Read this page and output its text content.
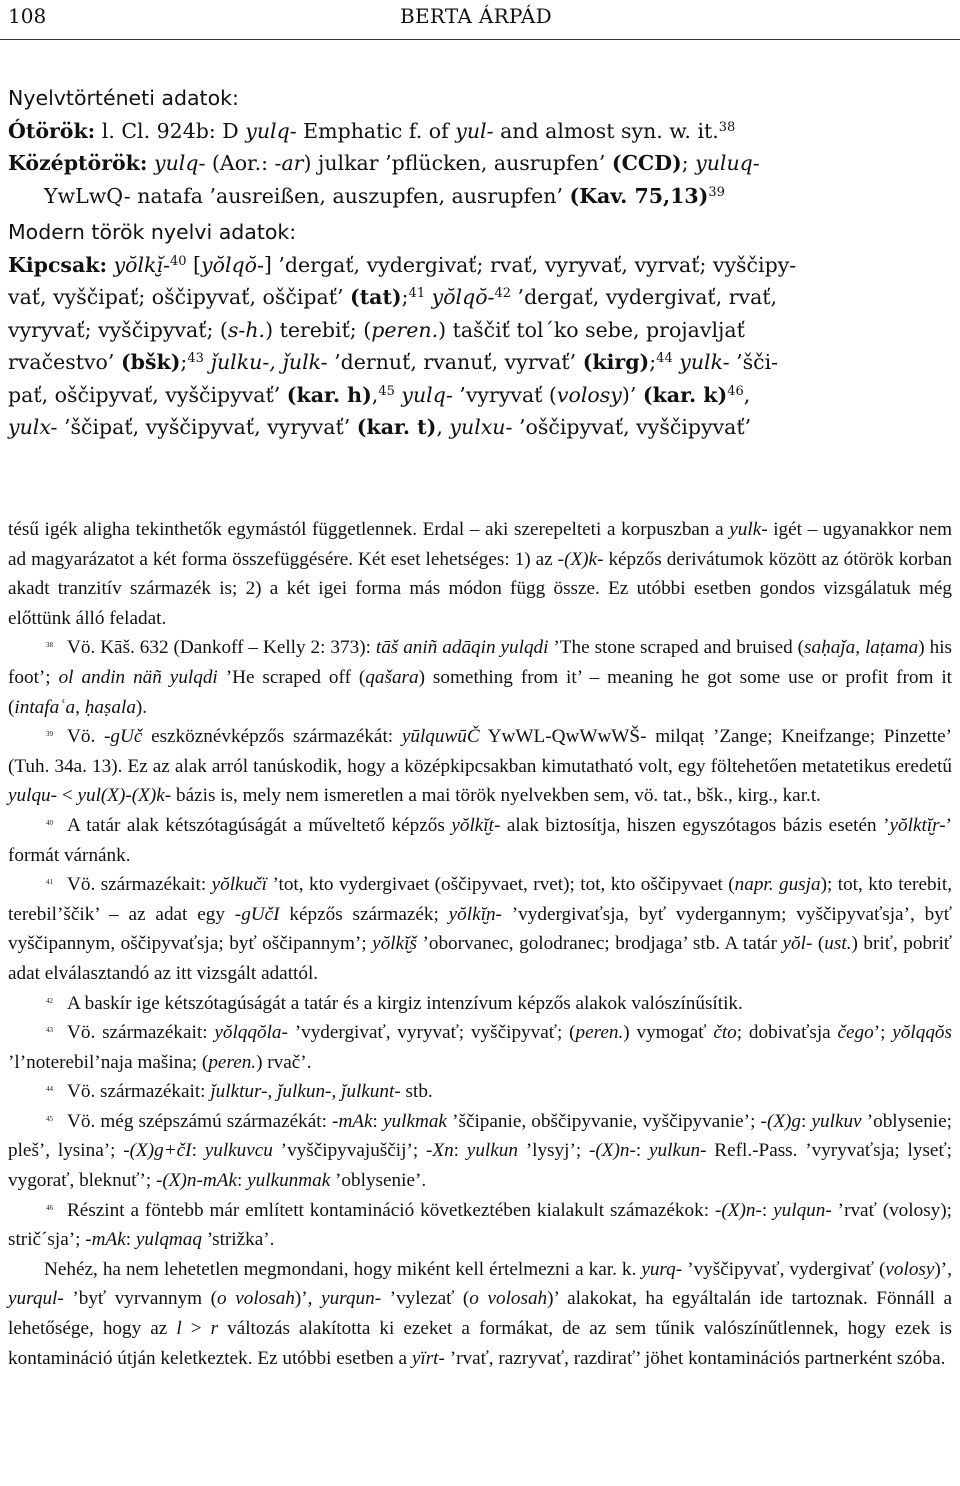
108	BERTA ÁRPÁD

Nyelvtörténeti adatok:

Ótörök: l. Cl. 924b: D yulq- Emphatic f. of yul- and almost syn. w. it.$^{38}$

Középtörök: yulq- (Aor.: -ar) julkar ’pflücken, ausrupfen’ (CCD); yuluq-

YwLwQ- natafa ’ausreißen, auszupfen, ausrupfen’ (Kav. 75,13)$^{39}$

Modern török nyelvi adatok:

Kipcsak: yŏlkĭ̮-$^{40}$ [yŏlqŏ-] ’dergať, vydergivať; rvať, vyryvať, vyrvať; vyščipy-
vať, vyščipať; oščipyvať, oščipať’ (tat);$^{41}$ yŏlqŏ-$^{42}$ ’dergať, vydergivať, rvať,
vyryvať; vyščipyvať; (s-h.) terebiť; (peren.) taščiť tol´ko sebe, projavljať
rvačestvo’ (bšk);$^{43}$ ǰulku-, ǰulk- ’dernuť, rvanuť, vyrvať’ (kirg);$^{44}$ yulk- ’šči-
pať, oščipyvať, vyščipyvať’ (kar. h),$^{45}$ yulq- ’vyryvať (volosy)’ (kar. k)$^{46}$,
yulx- ’ščipať, vyščipyvať, vyryvať’ (kar. t), yulxu- ’oščipyvať, vyščipyvať’

tésű igék aligha tekinthetők egymástól függetlennek. Erdal – aki szerepelteti a korpuszban a yulk- igét – ugyanakkor nem ad magyarázatot a két forma összefüggésére. Két eset lehetséges: 1) az -(X)k- képzős derivátumok között az ótörök korban akadt tranzitív származék is; 2) a két igei forma más módon függ össze. Ez utóbbi esetben gondos vizsgálatuk még előttünk álló feladat.

$^{38}$ Vö. Kāš. 632 (Dankoff – Kelly 2: 373): tāš aniñ adāqin yulqdi ’The stone scraped and bruised (saḥaǰa, laṭama) his foot’; ol andin näñ yulqdi ’He scraped off (qašara) something from it’ – meaning he got some use or profit from it (intafaʿa, ḥaṣala).

$^{39}$ Vö. -gUč eszköznévképzős származékát: yūlquwūČ YwWL-QwWwWŠ- milqaṭ ’Zange; Kneifzange; Pinzette’ (Tuh. 34a. 13). Ez az alak arról tanúskodik, hogy a középkipcsakban kimutatható volt, egy föltehetően metatetikus eredetű yulqu- < yul(X)-(X)k- bázis is, mely nem ismeretlen a mai török nyelvekben sem, vö. tat., bšk., kirg., kar.t.

$^{40}$ A tatár alak kétszótagúságát a műveltető képzős yŏlkĭ̮t- alak biztosítja, hiszen egyszótagos bázis esetén ’yŏlktĭ̮r-’ formát várnánk.

$^{41}$ Vö. származékait: yŏlkučï ’tot, kto vydergivaet (oščipyvaet, rvet); tot, kto oščipyvaet (napr. gusja); tot, kto terebit, terebil’ščik’ – az adat egy -gUčI képzős származék; yŏlkĭ̮n- ’vydergivaťsja, byť vydergannym; vyščipyvaťsja’, byť vyščipannym, oščipyvaťsja; byť oščipannym’; yŏlkĭ̮š ’oborvanec, golodranec; brodjaga’ stb. A tatár yŏl- (ust.) briť, pobriť adat elválasztandó az itt vizsgált adattól.

$^{42}$ A baskír ige kétszótagúságát a tatár és a kirgiz intenzívum képzős alakok valószínűsítik.

$^{43}$ Vö. származékait: yŏlqqŏla- ’vydergivať, vyryvať; vyščipyvať; (peren.) vymogať čto; dobivaťsja čego’; yŏlqqŏs ’l’noterebil’naja mašina; (peren.) rvač’.

$^{44}$ Vö. származékait: ǰulktur-, ǰulkun-, ǰulkunt- stb.

$^{45}$ Vö. még szépszámú származékát: -mAk: yulkmak ’ščipanie, obščipyvanie, vyščipyvanie’; -(X)g: yulkuv ’oblysenie; pleš’, lysina’; -(X)g+čI: yulkuvcu ’vyščipyvajuščij’; -Xn: yulkun ’lysyj’; -(X)n-: yulkun- Refl.-Pass. ’vyryvaťsja; lyseť; vygorať, bleknuť’; -(X)n-mAk: yulkunmak ’oblysenie’.

$^{46}$ Részint a föntebb már említett kontamináció következtében kialakult számazékok: -(X)n-: yulqun- ’rvať (volosy); strič´sja’; -mAk: yulqmaq ’strižka’.

Nehéz, ha nem lehetetlen megmondani, hogy miként kell értelmezni a kar. k. yurq- ’vyščipyvať, vydergivať (volosy)’, yurqul- ’byť vyrvannym (o volosah)’, yurqun- ’vylezať (o volosah)’ alakokat, ha egyáltalán ide tartoznak. Fönnáll a lehetősége, hogy az l > r változás alakította ki ezeket a formákat, de az sem tűnik valószínűtlennek, hogy ezek is kontamináció útján keletkeztek. Ez utóbbi esetben a yïrt- ’rvať, razryvať, razdirať’ jöhet kontaminációs partnerként szóba.
